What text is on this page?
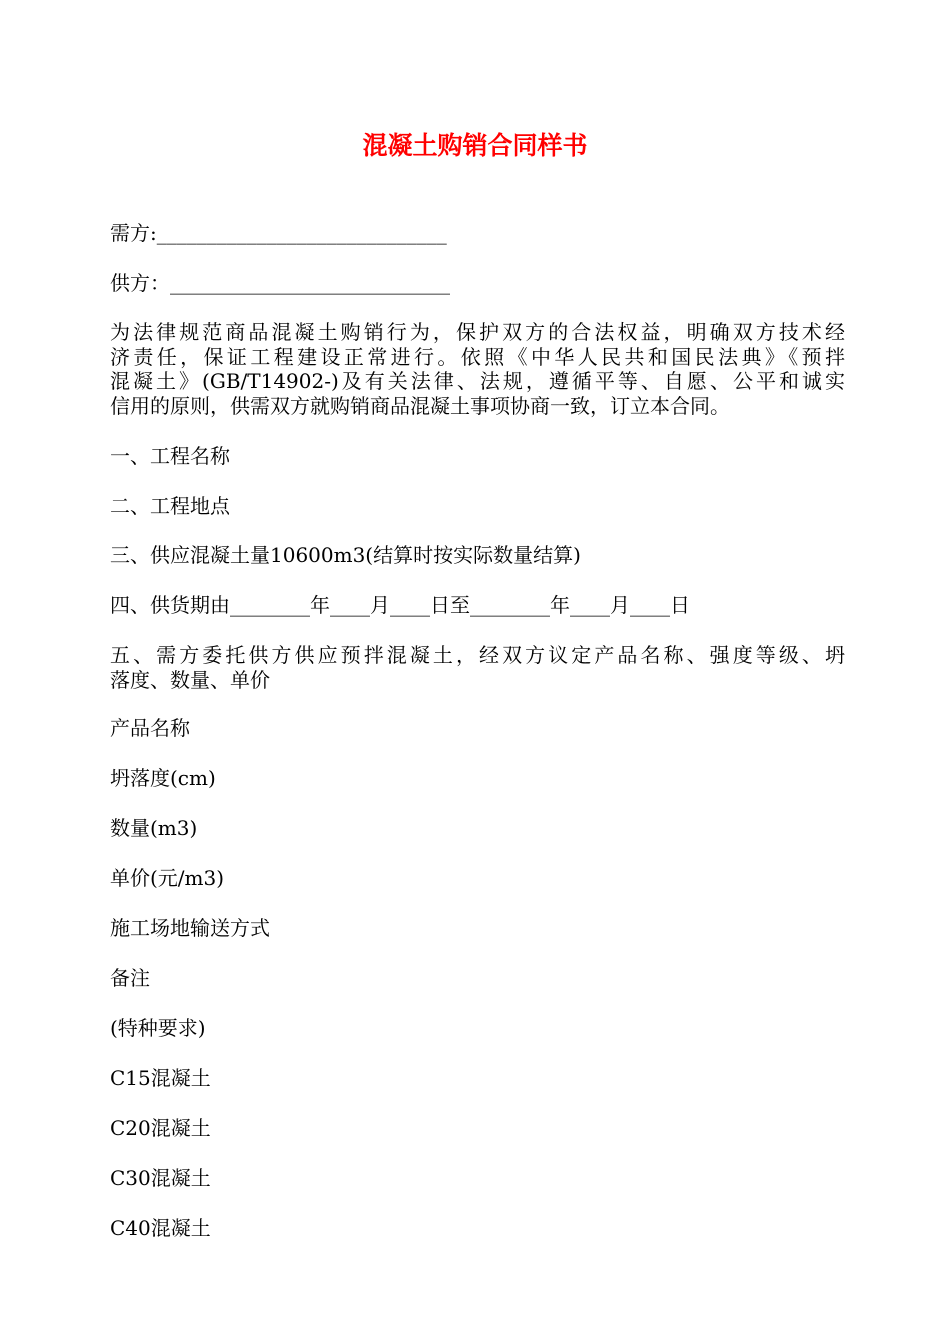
混凝土购销合同样书
需方:_____________________________
供方：____________________________
为法律规范商品混凝土购销行为，保护双方的合法权益，明确双方技术经
济责任，保证工程建设正常进行。依照《中华人民共和国民法典》《预拌
混凝土》(GB/T14902-)及有关法律、法规，遵循平等、自愿、公平和诚实
信用的原则，供需双方就购销商品混凝土事项协商一致，订立本合同。
一、工程名称
二、工程地点
三、供应混凝土量10600m3(结算时按实际数量结算)
四、供货期由________年____月____日至________年____月____日
五、需方委托供方供应预拌混凝土，经双方议定产品名称、强度等级、坍
落度、数量、单价
产品名称
坍落度(cm)
数量(m3)
单价(元/m3)
施工场地输送方式
备注
(特种要求)
C15混凝土
C20混凝土
C30混凝土
C40混凝土
